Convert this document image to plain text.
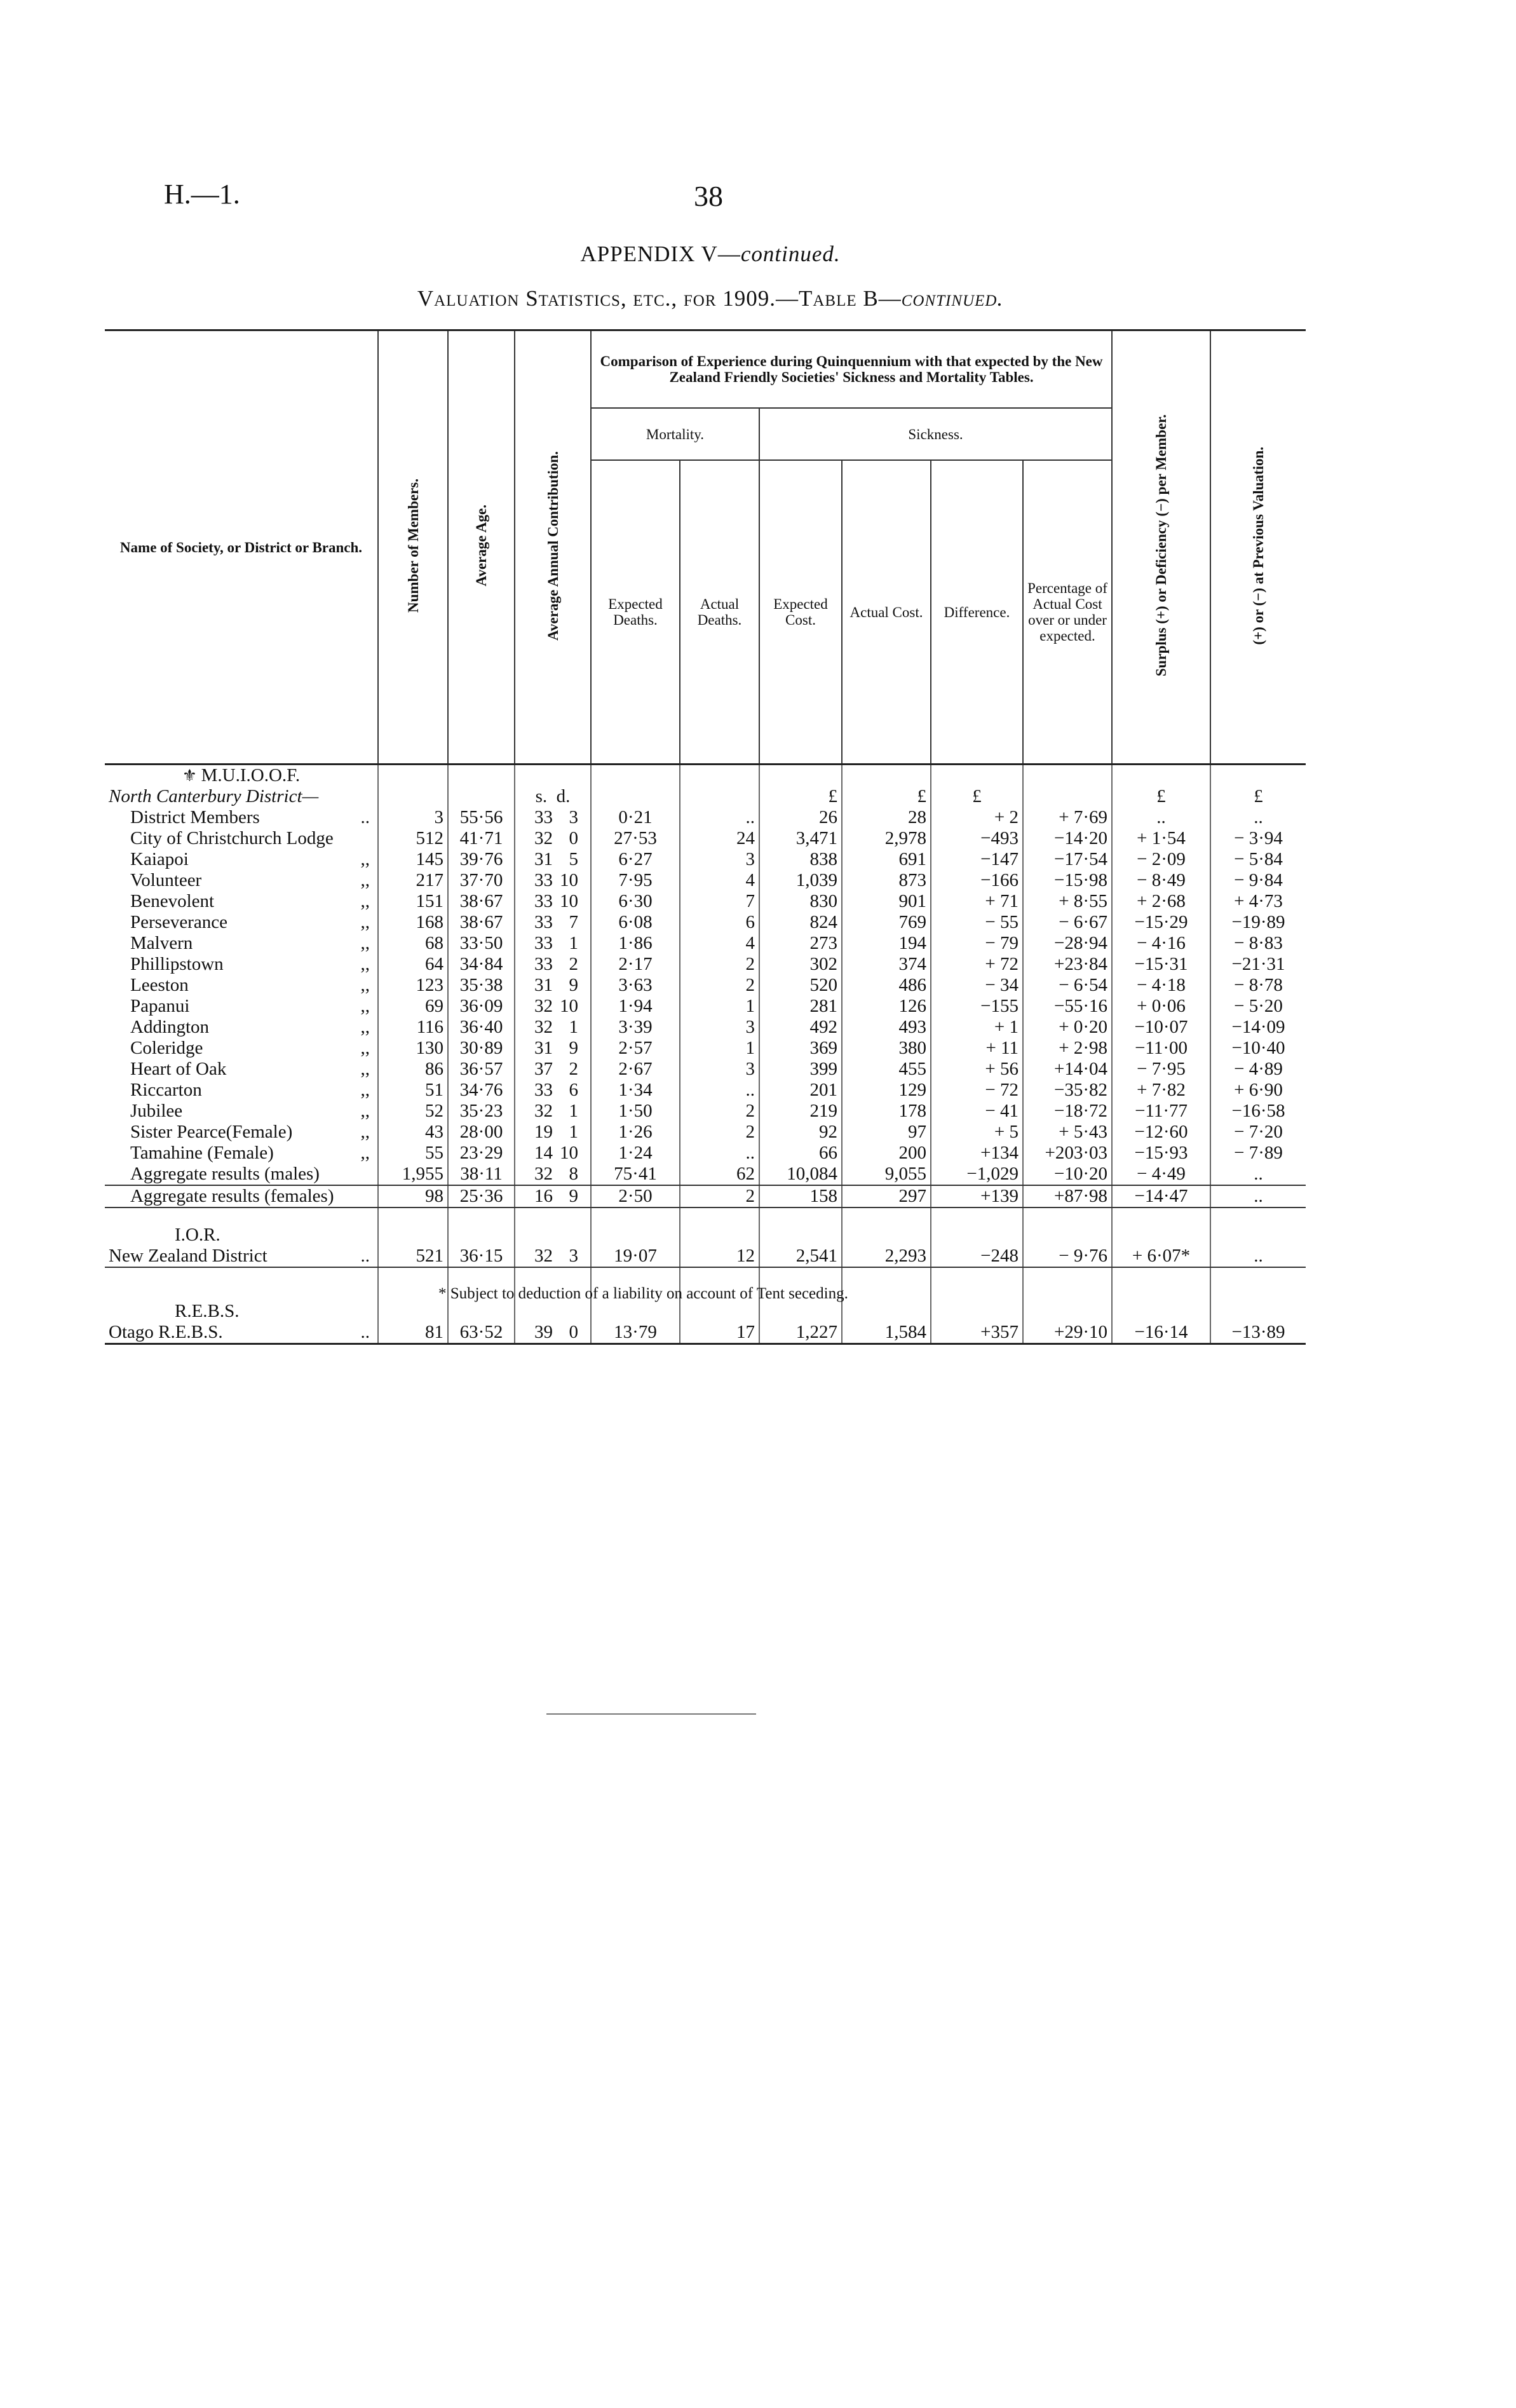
H.—1.	38
APPENDIX V—continued.
Valuation Statistics, etc., for 1909.—Table B—continued.
Name of Society, or District or Branch.	Number of Members.	Average Age.	Average Annual Contribution.	Comparison of Experience during Quinquennium with that expected by the New Zealand Friendly Societies' Sickness and Mortality Tables.						Surplus (+) or Deficiency (−) per Member.	(+) or (−) at Previous Valuation.
				Mortality.		Sickness.					
				Expected Deaths.	Actual Deaths.	Expected Cost.	Actual Cost.	Difference.	Percentage of Actual Cost over or under expected.		
⚜ M.U.I.O.O.F.											
North Canterbury District—			s. d.			£	£	£		£	£
District Members ..	3	55·56	33 3	0·21	..	26	28	+ 2	+ 7·69	..	..
City of Christchurch Lodge	512	41·71	32 0	27·53	24	3,471	2,978	−493	−14·20	+ 1·54	− 3·94
Kaiapoi ,,	145	39·76	31 5	6·27	3	838	691	−147	−17·54	− 2·09	− 5·84
Volunteer ,,	217	37·70	33 10	7·95	4	1,039	873	−166	−15·98	− 8·49	− 9·84
Benevolent ,,	151	38·67	33 10	6·30	7	830	901	+ 71	+ 8·55	+ 2·68	+ 4·73
Perseverance ,,	168	38·67	33 7	6·08	6	824	769	− 55	− 6·67	−15·29	−19·89
Malvern ,,	68	33·50	33 1	1·86	4	273	194	− 79	−28·94	− 4·16	− 8·83
Phillipstown ,,	64	34·84	33 2	2·17	2	302	374	+ 72	+23·84	−15·31	−21·31
Leeston ,,	123	35·38	31 9	3·63	2	520	486	− 34	− 6·54	− 4·18	− 8·78
Papanui ,,	69	36·09	32 10	1·94	1	281	126	−155	−55·16	+ 0·06	− 5·20
Addington ,,	116	36·40	32 1	3·39	3	492	493	+ 1	+ 0·20	−10·07	−14·09
Coleridge ,,	130	30·89	31 9	2·57	1	369	380	+ 11	+ 2·98	−11·00	−10·40
Heart of Oak ,,	86	36·57	37 2	2·67	3	399	455	+ 56	+14·04	− 7·95	− 4·89
Riccarton ,,	51	34·76	33 6	1·34	..	201	129	− 72	−35·82	+ 7·82	+ 6·90
Jubilee ,,	52	35·23	32 1	1·50	2	219	178	− 41	−18·72	−11·77	−16·58
Sister Pearce(Female) ,,	43	28·00	19 1	1·26	2	92	97	+ 5	+ 5·43	−12·60	− 7·20
Tamahine (Female) ,,	55	23·29	14 10	1·24	..	66	200	+134	+203·03	−15·93	− 7·89
Aggregate results (males)	1,955	38·11	32 8	75·41	62	10,084	9,055	−1,029	−10·20	− 4·49	..
Aggregate results (females)	98	25·36	16 9	2·50	2	158	297	+139	+87·98	−14·47	..

I.O.R.											
New Zealand District ..	521	36·15	32 3	19·07	12	2,541	2,293	−248	− 9·76	+ 6·07*	..

R.E.B.S.											
Otago R.E.B.S. ..	81	63·52	39 0	13·79	17	1,227	1,584	+357	+29·10	−16·14	−13·89
* Subject to deduction of a liability on account of Tent seceding.
